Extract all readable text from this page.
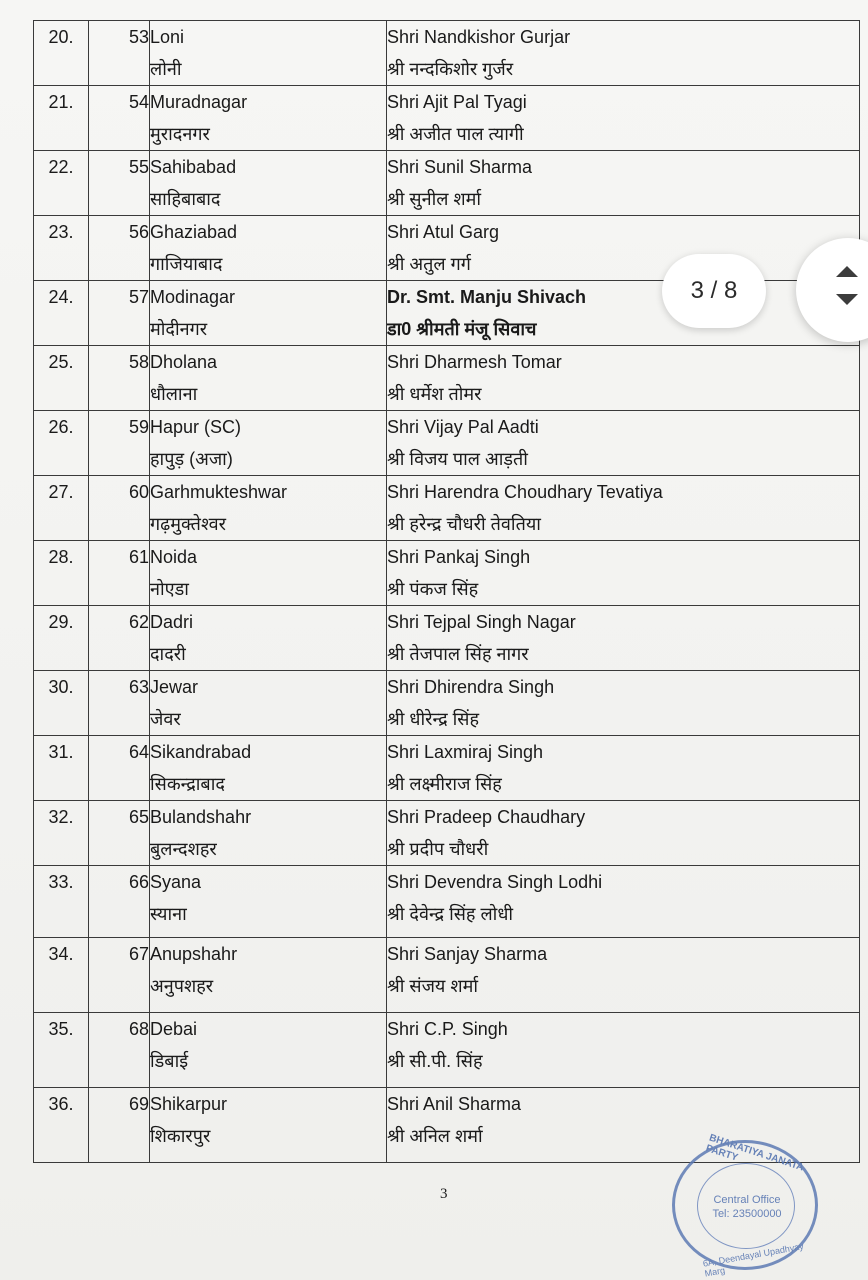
20.	53	Loni
लोनी	Shri Nandkishor Gurjar
श्री नन्दकिशोर गुर्जर

21.	54	Muradnagar
मुरादनगर	Shri Ajit Pal Tyagi
श्री अजीत पाल त्यागी

22.	55	Sahibabad
साहिबाबाद	Shri Sunil Sharma
श्री सुनील शर्मा

23.	56	Ghaziabad
गाजियाबाद	Shri Atul Garg
श्री अतुल गर्ग

24.	57	Modinagar
मोदीनगर	Dr. Smt. Manju Shivach
डा0 श्रीमती मंजू सिवाच

25.	58	Dholana
धौलाना	Shri Dharmesh Tomar
श्री धर्मेश तोमर

26.	59	Hapur (SC)
हापुड़ (अजा)	Shri Vijay Pal Aadti
श्री विजय पाल आड़ती

27.	60	Garhmukteshwar
गढ़मुक्तेश्वर	Shri Harendra Choudhary Tevatiya
श्री हरेन्द्र चौधरी तेवतिया

28.	61	Noida
नोएडा	Shri Pankaj Singh
श्री पंकज सिंह

29.	62	Dadri
दादरी	Shri Tejpal Singh Nagar
श्री तेजपाल सिंह नागर

30.	63	Jewar
जेवर	Shri Dhirendra Singh
श्री धीरेन्द्र सिंह

31.	64	Sikandrabad
सिकन्द्राबाद	Shri Laxmiraj Singh
श्री लक्ष्मीराज सिंह

32.	65	Bulandshahr
बुलन्दशहर	Shri Pradeep Chaudhary
श्री प्रदीप चौधरी

33.	66	Syana
स्याना	Shri Devendra Singh Lodhi
श्री देवेन्द्र सिंह लोधी

34.	67	Anupshahr
अनुपशहर	Shri Sanjay Sharma
श्री संजय शर्मा

35.	68	Debai
डिबाई	Shri C.P. Singh
श्री सी.पी. सिंह

36.	69	Shikarpur
शिकारपुर	Shri Anil Sharma
श्री अनिल शर्मा
3
BHARATIYA JANATA PARTY
Central Office
Tel: 23500000
6A, Deendayal Upadhyay Marg
3 / 8
